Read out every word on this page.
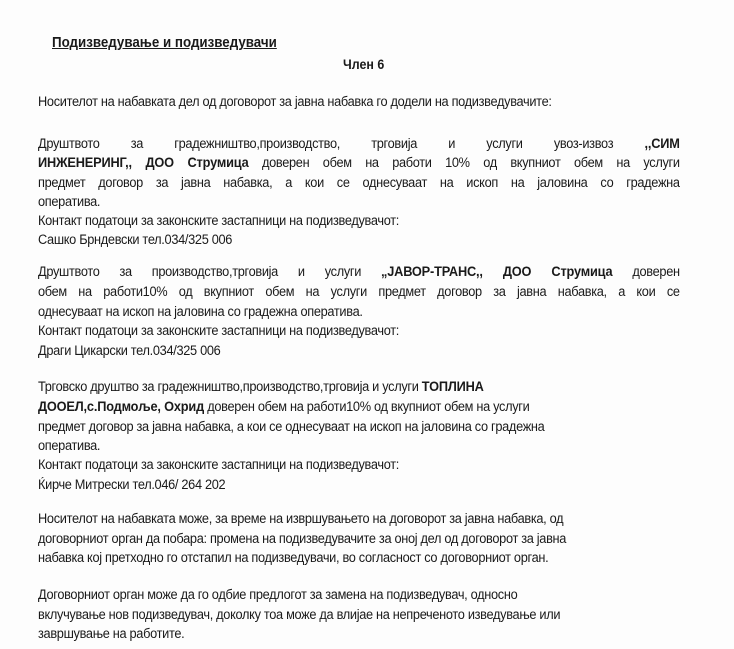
Подизведување и подизведувачи
Член 6
Носителот на набавката дел од договорот за јавна набавка го додели на подизведувачите:
Друштвото за градежништво,производство, трговија и услуги увоз-извоз ,,СИМ
ИНЖЕНЕРИНГ,, ДОО Струмица доверен обем на работи 10% од вкупниот обем на услуги
предмет договор за јавна набавка, а кои се однесуваат на ископ на јаловина со градежна
оператива.
Контакт податоци за законските застапници на подизведувачот:
Сашко Брндевски тел.034/325 006
Друштвото за производство,трговија и услуги „ЈАВОР-ТРАНС,, ДОО Струмица доверен
обем на работи10% од вкупниот обем на услуги предмет договор за јавна набавка, а кои се
однесуваат на ископ на јаловина со градежна оператива.
Контакт податоци за законските застапници на подизведувачот:
Драги Цикарски тел.034/325 006
Трговско друштво за градежништво,производство,трговија и услуги ТОПЛИНА
ДООЕЛ,с.Подмоље, Охрид доверен обем на работи10% од вкупниот обем на услуги
предмет договор за јавна набавка, а кои се однесуваат на ископ на јаловина со градежна
оператива.
Контакт податоци за законските застапници на подизведувачот:
Ќирче Митрески тел.046/ 264 202
Носителот на набавката може, за време на извршувањето на договорот за јавна набавка, од
договорниот орган да побара: промена на подизведувачите за оној дел од договорот за јавна
набавка кој претходно го отстапил на подизведувачи, во согласност со договорниот орган.
Договорниот орган може да го одбие предлогот за замена на подизведувач, односно
вклучување нов подизведувач, доколку тоа може да влијае на непреченото изведување или
завршување на работите.
